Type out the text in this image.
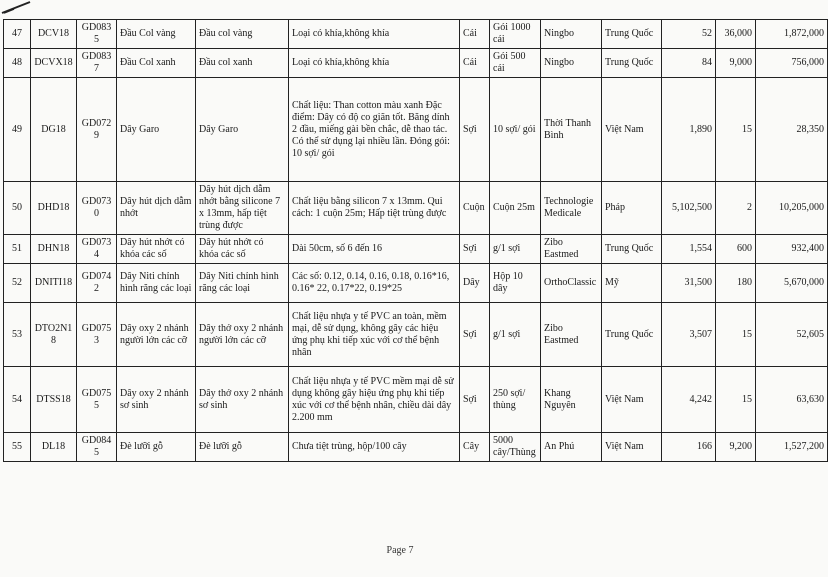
47	DCV18	GD0835	Đầu Col vàng	Đầu col vàng	Loại có khía,không khía	Cái	Gói 1000 cái	Ningbo	Trung Quốc	52	36,000	1,872,000
48	DCVX18	GD0837	Đầu Col xanh	Đầu col xanh	Loại có khía,không khía	Cái	Gói 500 cái	Ningbo	Trung Quốc	84	9,000	756,000
49	DG18	GD0729	Dây Garo	Dây Garo	Chất liệu: Than cotton màu xanh Đặc điểm: Dây có độ co giãn tốt. Băng dính 2 đầu, miếng gài bền chắc, dễ thao tác. Có thể sử dụng lại nhiều lần. Đóng gói: 10 sợi/ gói	Sợi	10 sợi/ gói	Thời Thanh Bình	Việt Nam	1,890	15	28,350
50	DHD18	GD0730	Dây hút dịch dẫm nhớt	Dây hút dịch dẫm nhớt bằng silicone 7 x 13mm, hấp tiệt trùng được	Chất liệu bằng silicon 7 x 13mm. Qui cách: 1 cuộn 25m; Hấp tiệt trùng được	Cuộn	Cuộn 25m	Technologie Medicale	Pháp	5,102,500	2	10,205,000
51	DHN18	GD0734	Dây hút nhớt có khóa các số	Dây hút nhớt có khóa các số	Dài 50cm, số 6 đến 16	Sợi	g/1 sợi	Zibo Eastmed	Trung Quốc	1,554	600	932,400
52	DNITI18	GD0742	Dây Niti chỉnh hình răng các loại	Dây Niti chỉnh hình răng các loại	Các số: 0.12, 0.14, 0.16, 0.18, 0.16*16, 0.16* 22, 0.17*22, 0.19*25	Dây	Hộp 10 dây	OrthoClassic	Mỹ	31,500	180	5,670,000
53	DTO2N18	GD0753	Dây oxy 2 nhánh người lớn các cỡ	Dây thở oxy 2 nhánh người lớn các cỡ	Chất liệu nhựa y tế PVC an toàn, mềm mại, dễ sử dụng, không gây các hiệu ứng phụ khi tiếp xúc với cơ thể bệnh nhân	Sợi	g/1 sợi	Zibo Eastmed	Trung Quốc	3,507	15	52,605
54	DTSS18	GD0755	Dây oxy 2 nhánh sơ sinh	Dây thở oxy 2 nhánh sơ sinh	Chất liệu nhựa y tế PVC mềm mại dễ sử dụng không gây hiệu ứng phụ khi tiếp xúc với cơ thể bệnh nhân, chiều dài dây 2.200 mm	Sợi	250 sợi/ thùng	Khang Nguyên	Việt Nam	4,242	15	63,630
55	DL18	GD0845	Đè lưỡi gỗ	Đè lưỡi gỗ	Chưa tiệt trùng, hộp/100 cây	Cây	5000 cây/Thùng	An Phú	Việt Nam	166	9,200	1,527,200
Page 7
